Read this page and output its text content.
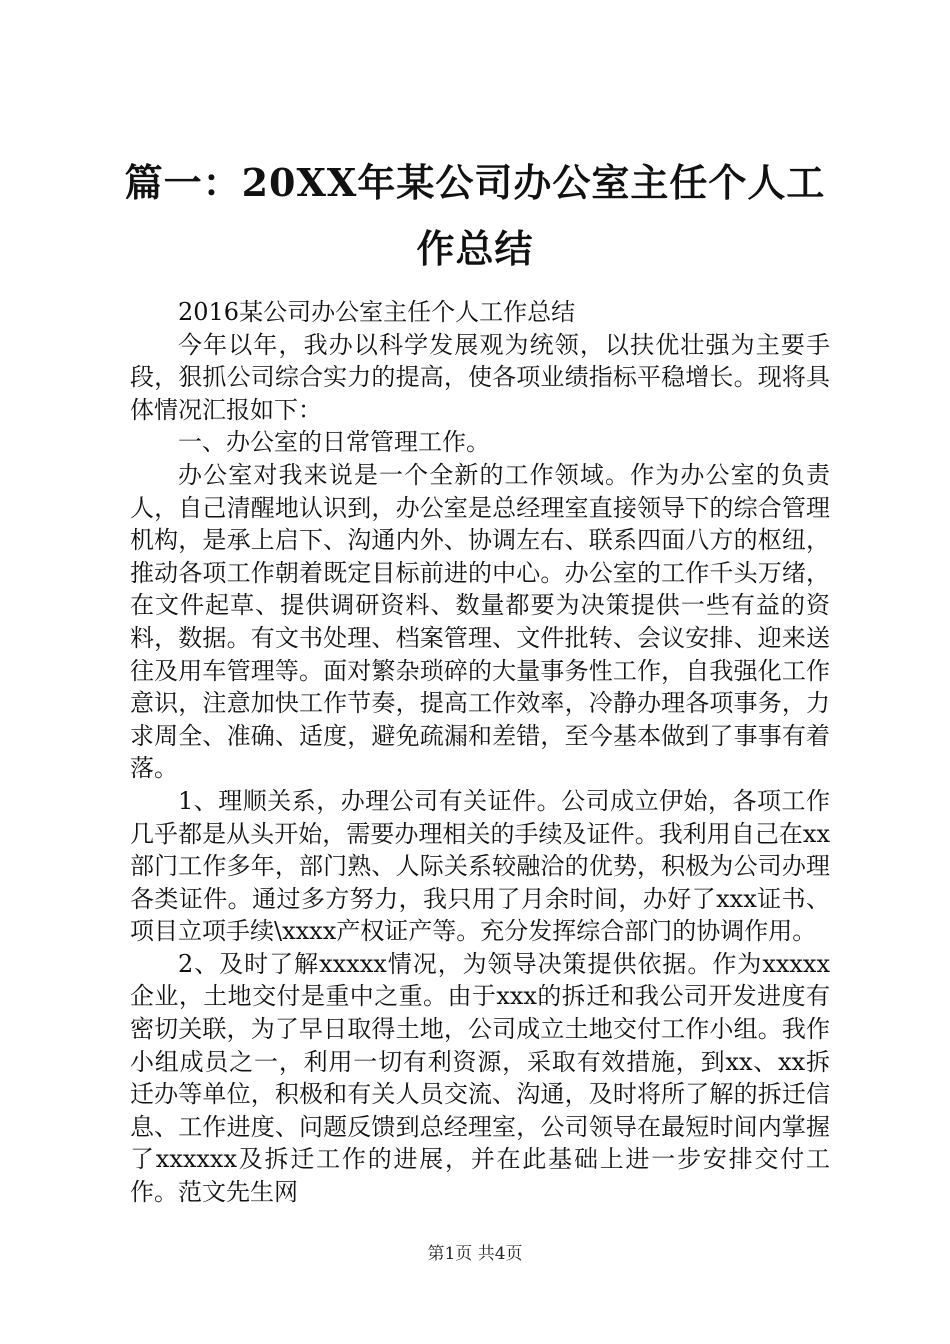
篇一：20XX年某公司办公室主任个人工作总结

2016某公司办公室主任个人工作总结

今年以年，我办以科学发展观为统领，以扶优壮强为主要手段，狠抓公司综合实力的提高，使各项业绩指标平稳增长。现将具体情况汇报如下：

一、办公室的日常管理工作。

办公室对我来说是一个全新的工作领域。作为办公室的负责人，自己清醒地认识到，办公室是总经理室直接领导下的综合管理机构，是承上启下、沟通内外、协调左右、联系四面八方的枢纽，推动各项工作朝着既定目标前进的中心。办公室的工作千头万绪，在文件起草、提供调研资料、数量都要为决策提供一些有益的资料，数据。有文书处理、档案管理、文件批转、会议安排、迎来送往及用车管理等。面对繁杂琐碎的大量事务性工作，自我强化工作意识，注意加快工作节奏，提高工作效率，冷静办理各项事务，力求周全、准确、适度，避免疏漏和差错，至今基本做到了事事有着落。

1、理顺关系，办理公司有关证件。公司成立伊始，各项工作几乎都是从头开始，需要办理相关的手续及证件。我利用自己在xx部门工作多年，部门熟、人际关系较融洽的优势，积极为公司办理各类证件。通过多方努力，我只用了月余时间，办好了xxx证书、项目立项手续\xxxx产权证产等。充分发挥综合部门的协调作用。

2、及时了解xxxxx情况，为领导决策提供依据。作为xxxxx企业，土地交付是重中之重。由于xxx的拆迁和我公司开发进度有密切关联，为了早日取得土地，公司成立土地交付工作小组。我作小组成员之一，利用一切有利资源，采取有效措施，到xx、xx拆迁办等单位，积极和有关人员交流、沟通，及时将所了解的拆迁信息、工作进度、问题反馈到总经理室，公司领导在最短时间内掌握了xxxxxx及拆迁工作的进展，并在此基础上进一步安排交付工作。范文先生网

第1页 共4页
